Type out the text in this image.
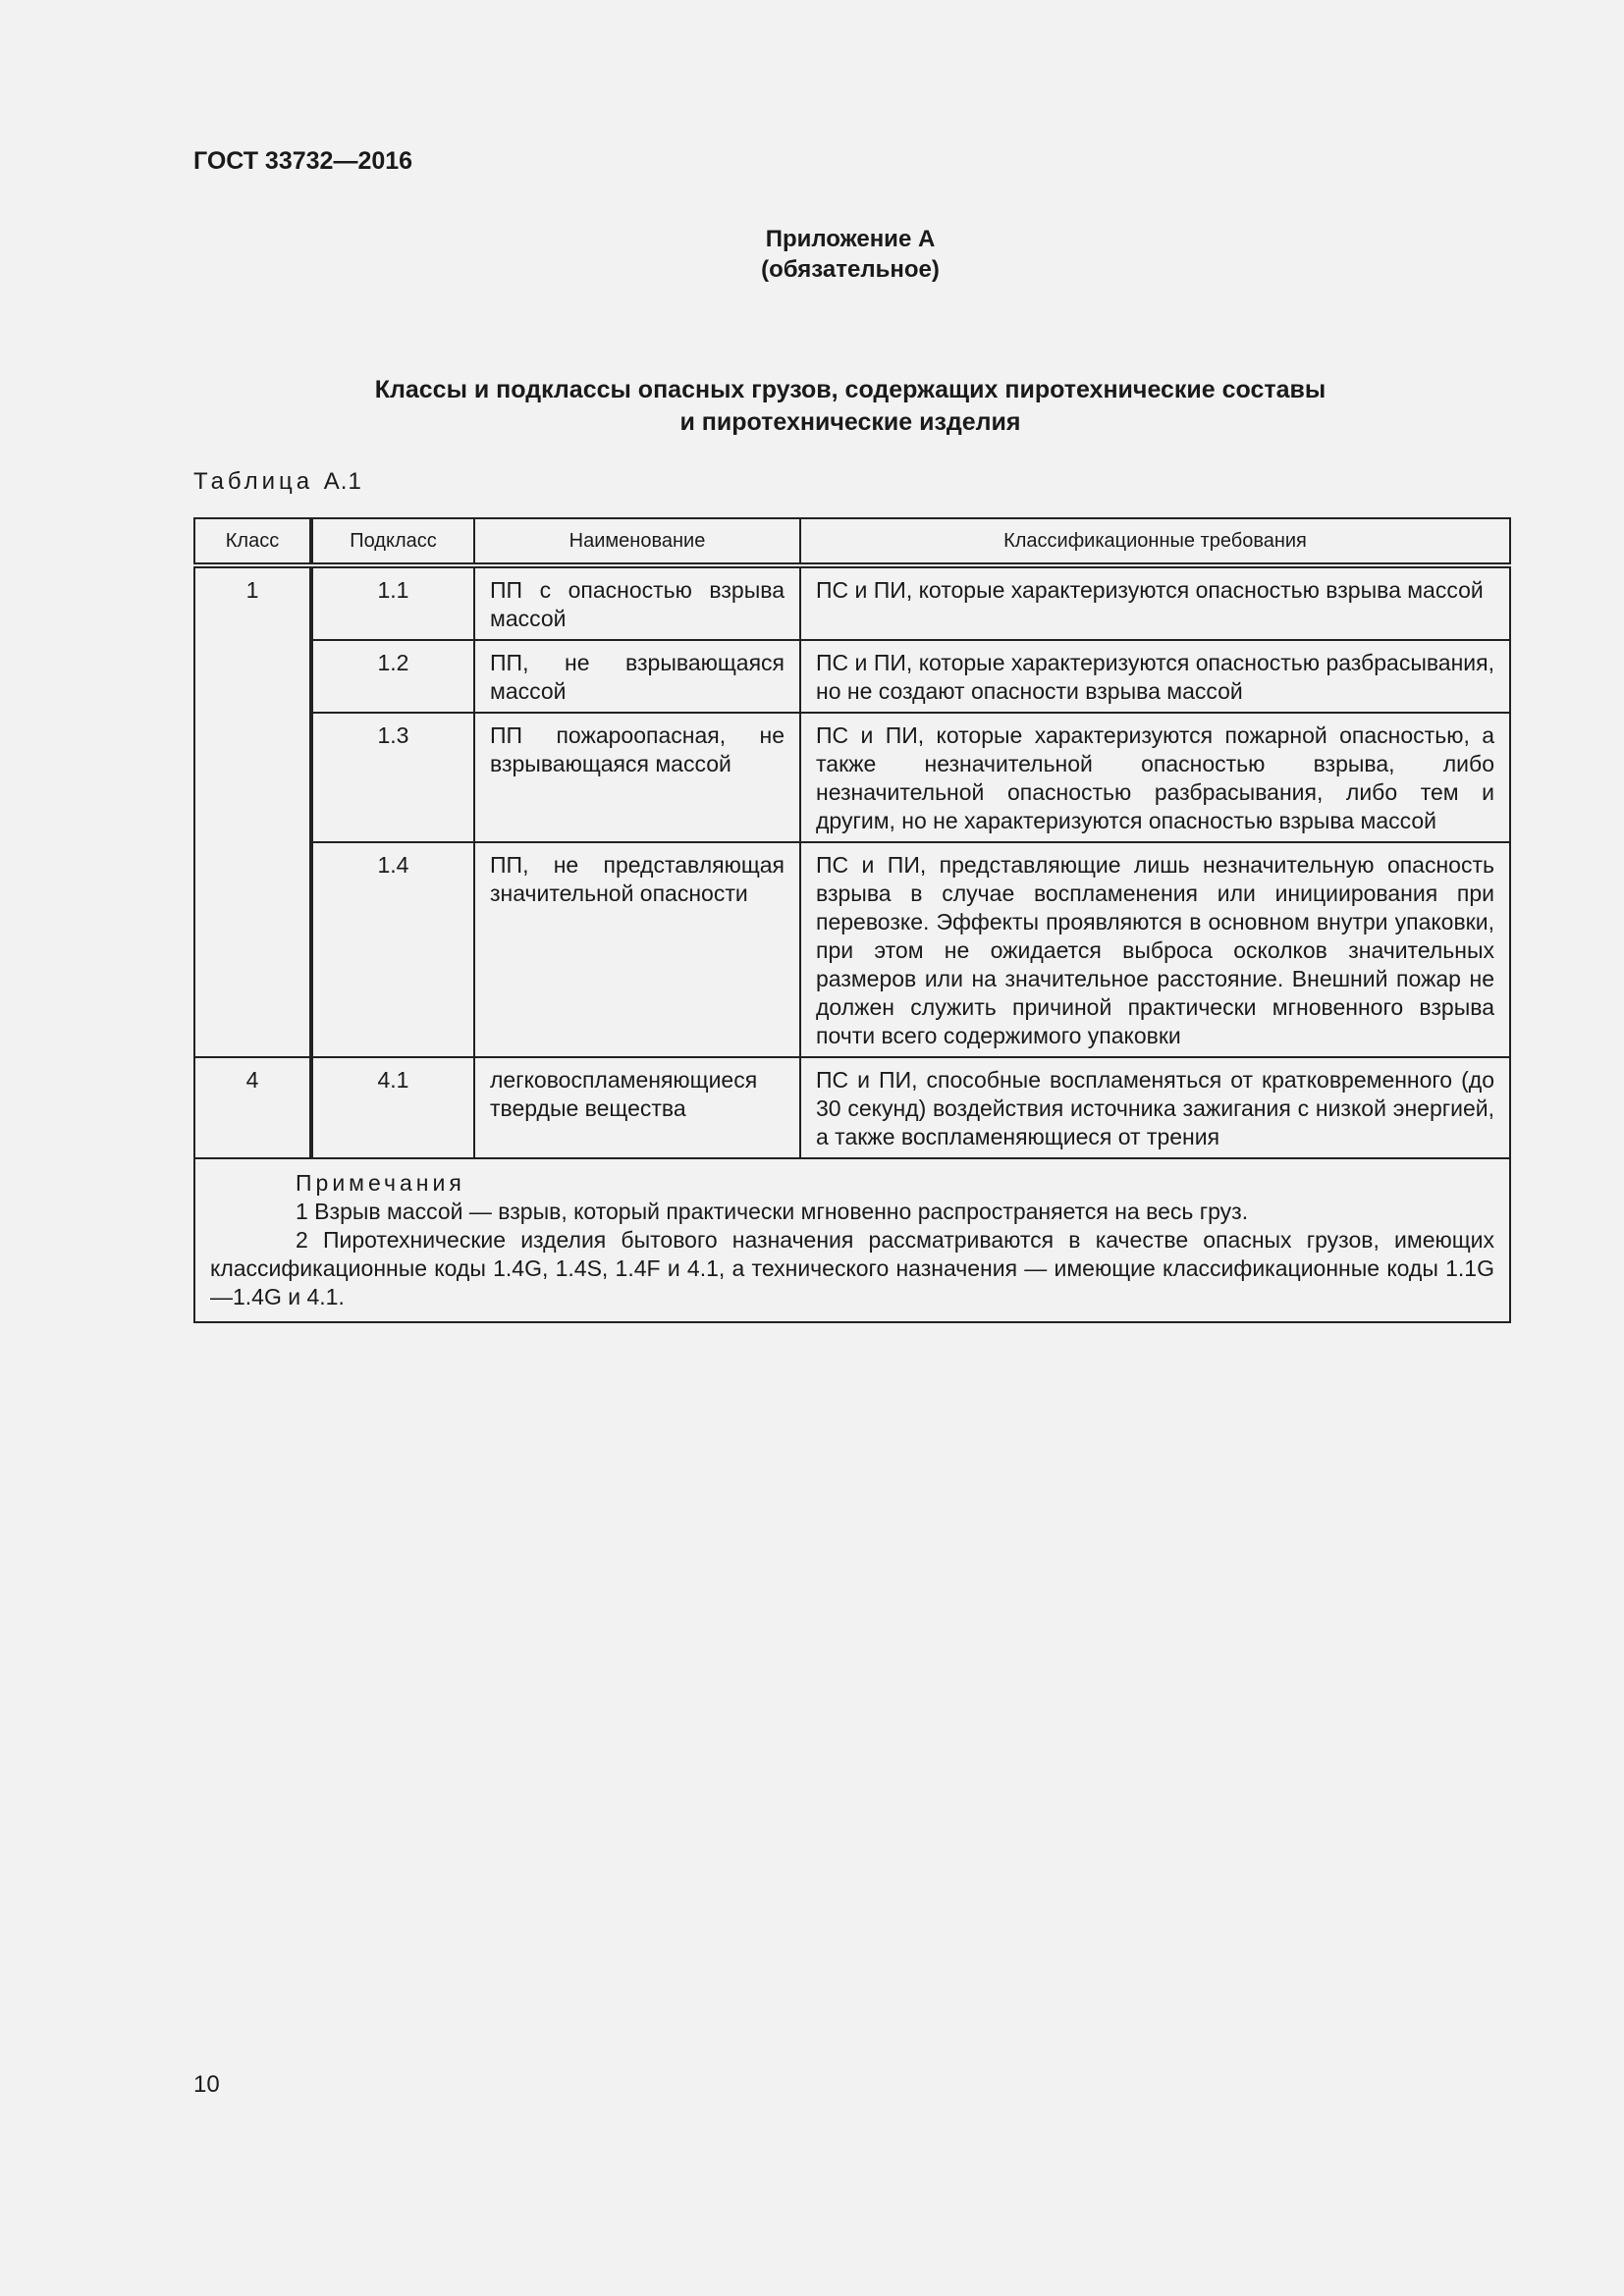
ГОСТ 33732—2016
Приложение А
(обязательное)
Классы и подклассы опасных грузов, содержащих пиротехнические составы
и пиротехнические изделия
Таблица А.1
Класс	Подкласс	Наименование	Классификационные требования
1	1.1	ПП с опасностью взрыва массой	ПС и ПИ, которые характеризуются опасностью взрыва массой
	1.2	ПП, не взрывающаяся массой	ПС и ПИ, которые характеризуются опасностью разбрасывания, но не создают опасности взрыва массой
	1.3	ПП пожароопасная, не взрывающаяся массой	ПС и ПИ, которые характеризуются пожарной опасностью, а также незначительной опасностью взрыва, либо незначительной опасностью разбрасывания, либо тем и другим, но не характеризуются опасностью взрыва массой
	1.4	ПП, не представляющая значительной опасности	ПС и ПИ, представляющие лишь незначительную опасность взрыва в случае воспламенения или инициирования при перевозке. Эффекты проявляются в основном внутри упаковки, при этом не ожидается выброса осколков значительных размеров или на значительное расстояние. Внешний пожар не должен служить причиной практически мгновенного взрыва почти всего содержимого упаковки
4	4.1	легковоспламеняющиеся твердые вещества	ПС и ПИ, способные воспламеняться от кратковременного (до 30 секунд) воздействия источника зажигания с низкой энергией, а также воспламеняющиеся от трения

Примечания
1 Взрыв массой — взрыв, который практически мгновенно распространяется на весь груз.
2 Пиротехнические изделия бытового назначения рассматриваются в качестве опасных грузов, имеющих классификационные коды 1.4G, 1.4S, 1.4F и 4.1, а технического назначения — имеющие классификационные коды 1.1G—1.4G и 4.1.			
10
